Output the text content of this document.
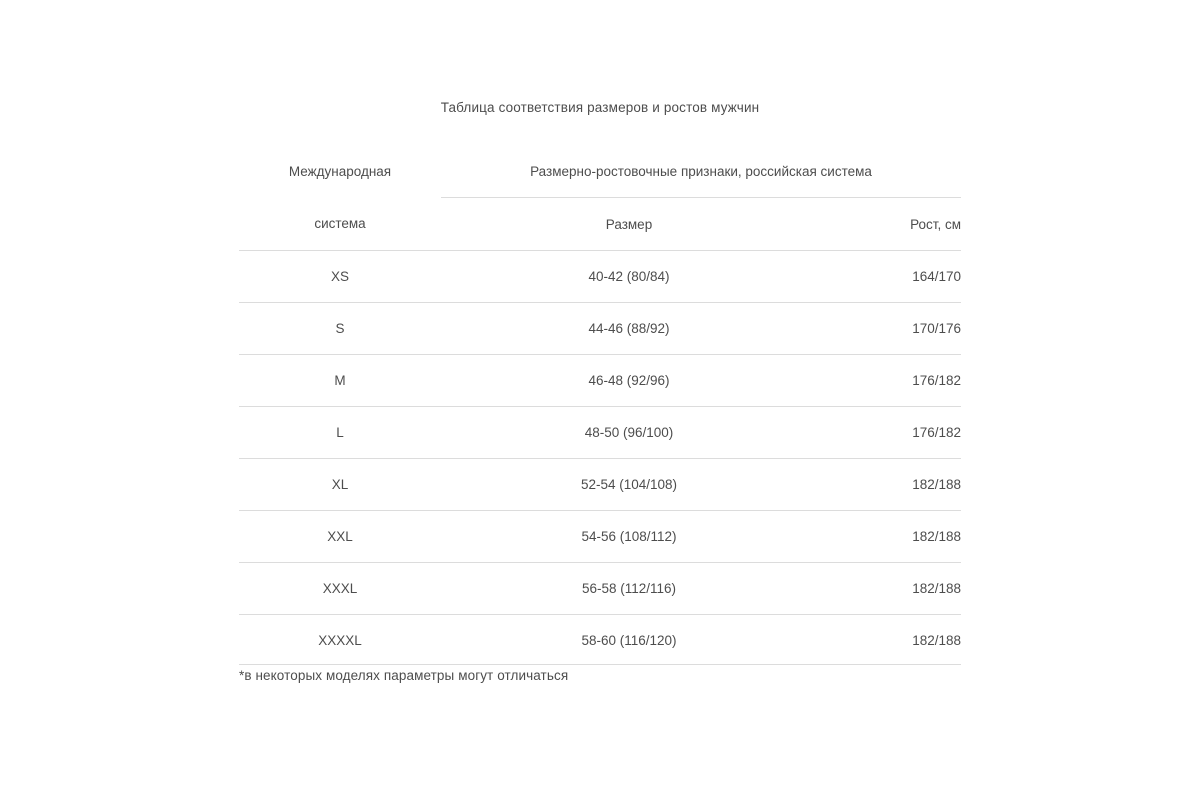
Таблица соответствия размеров и ростов мужчин
Международная	Размерно-ростовочные признаки, российская система	
система	Размер	Рост, см
XS	40-42 (80/84)	164/170
S	44-46 (88/92)	170/176
M	46-48 (92/96)	176/182
L	48-50 (96/100)	176/182
XL	52-54 (104/108)	182/188
XXL	54-56 (108/112)	182/188
XXXL	56-58 (112/116)	182/188
XXXXL	58-60 (116/120)	182/188
*в некоторых моделях параметры могут отличаться
